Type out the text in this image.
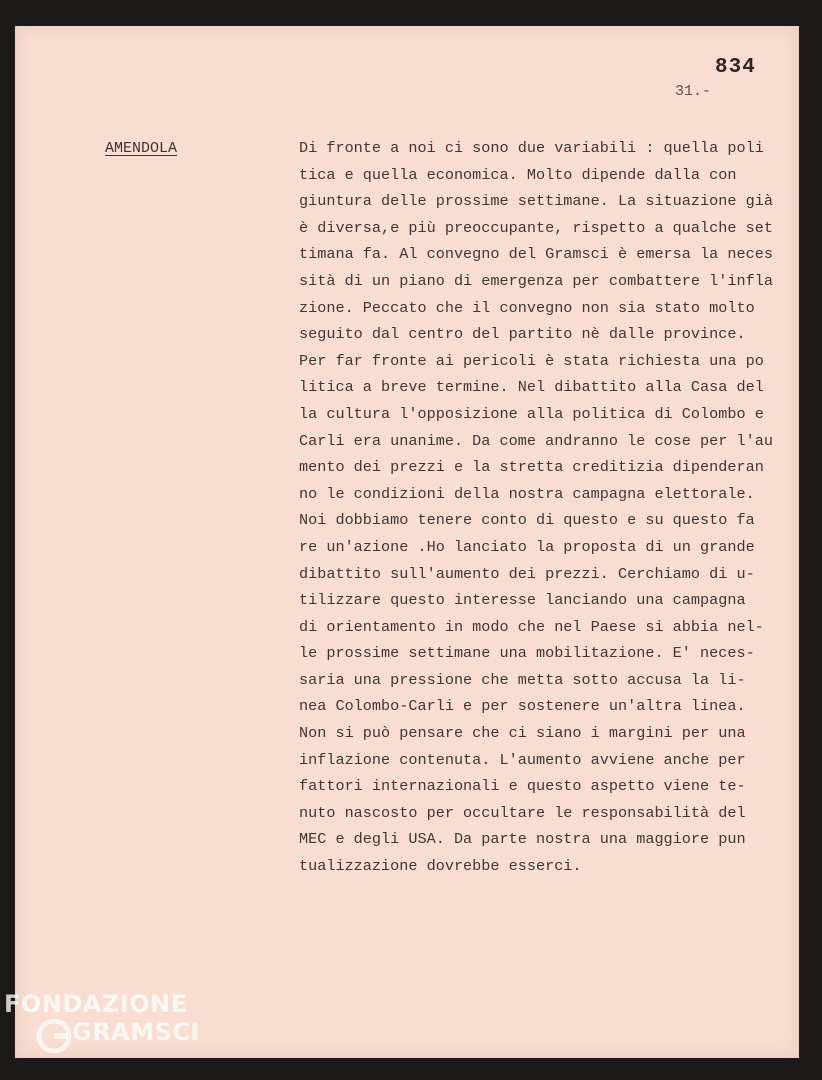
834
31.-
AMENDOLA	Di fronte a noi ci sono due variabili : quella poli
tica e quella economica. Molto dipende dalla con
giuntura delle prossime settimane. La situazione già
è diversa,e più preoccupante, rispetto a qualche set
timana fa. Al convegno del Gramsci è emersa la neces
sità di un piano di emergenza per combattere l'infla
zione. Peccato che il convegno non sia stato molto
seguito dal centro del partito nè dalle province.
Per far fronte ai pericoli è stata richiesta una po
litica a breve termine. Nel dibattito alla Casa del
la cultura l'opposizione alla politica di Colombo e
Carli era unanime. Da come andranno le cose per l'au
mento dei prezzi e la stretta creditizia dipenderan
no le condizioni della nostra campagna elettorale.
Noi dobbiamo tenere conto di questo e su questo fa
re un'azione .Ho lanciato la proposta di un grande
dibattito sull'aumento dei prezzi. Cerchiamo di u-
tilizzare questo interesse lanciando una campagna
di orientamento in modo che nel Paese si abbia nel-
le prossime settimane una mobilitazione. E' neces-
saria una pressione che metta sotto accusa la li-
nea Colombo-Carli e per sostenere un'altra linea.
Non si può pensare che ci siano i margini per una
inflazione contenuta. L'aumento avviene anche per
fattori internazionali e questo aspetto viene te-
nuto nascosto per occultare le responsabilità del
MEC e degli USA. Da parte nostra una maggiore pun
tualizzazione dovrebbe esserci.
FONDAZIONE
GRAMSCI
